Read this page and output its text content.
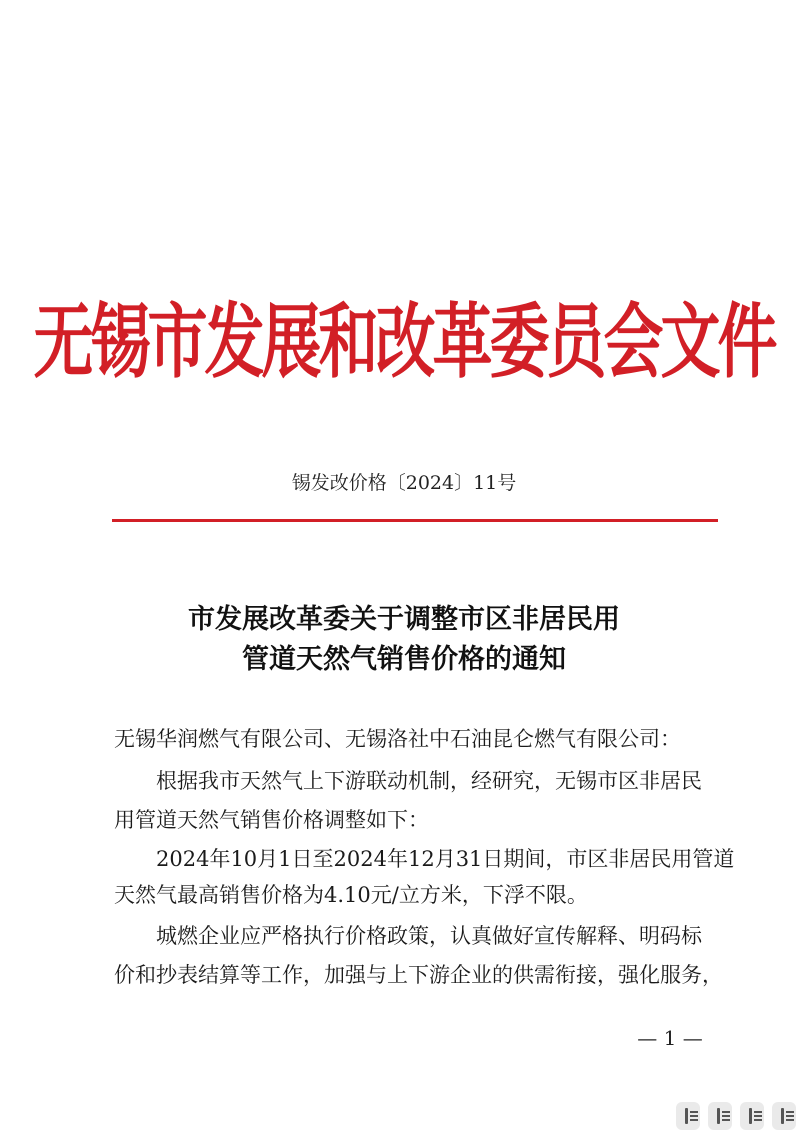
无锡市发展和改革委员会文件
锡发改价格〔2024〕11号
市发展改革委关于调整市区非居民用
管道天然气销售价格的通知
无锡华润燃气有限公司、无锡洛社中石油昆仑燃气有限公司：
根据我市天然气上下游联动机制，经研究，无锡市区非居民
用管道天然气销售价格调整如下：
2024年10月1日至2024年12月31日期间，市区非居民用管道
天然气最高销售价格为4.10元/立方米，下浮不限。
城燃企业应严格执行价格政策，认真做好宣传解释、明码标
价和抄表结算等工作，加强与上下游企业的供需衔接，强化服务，
— 1 —
